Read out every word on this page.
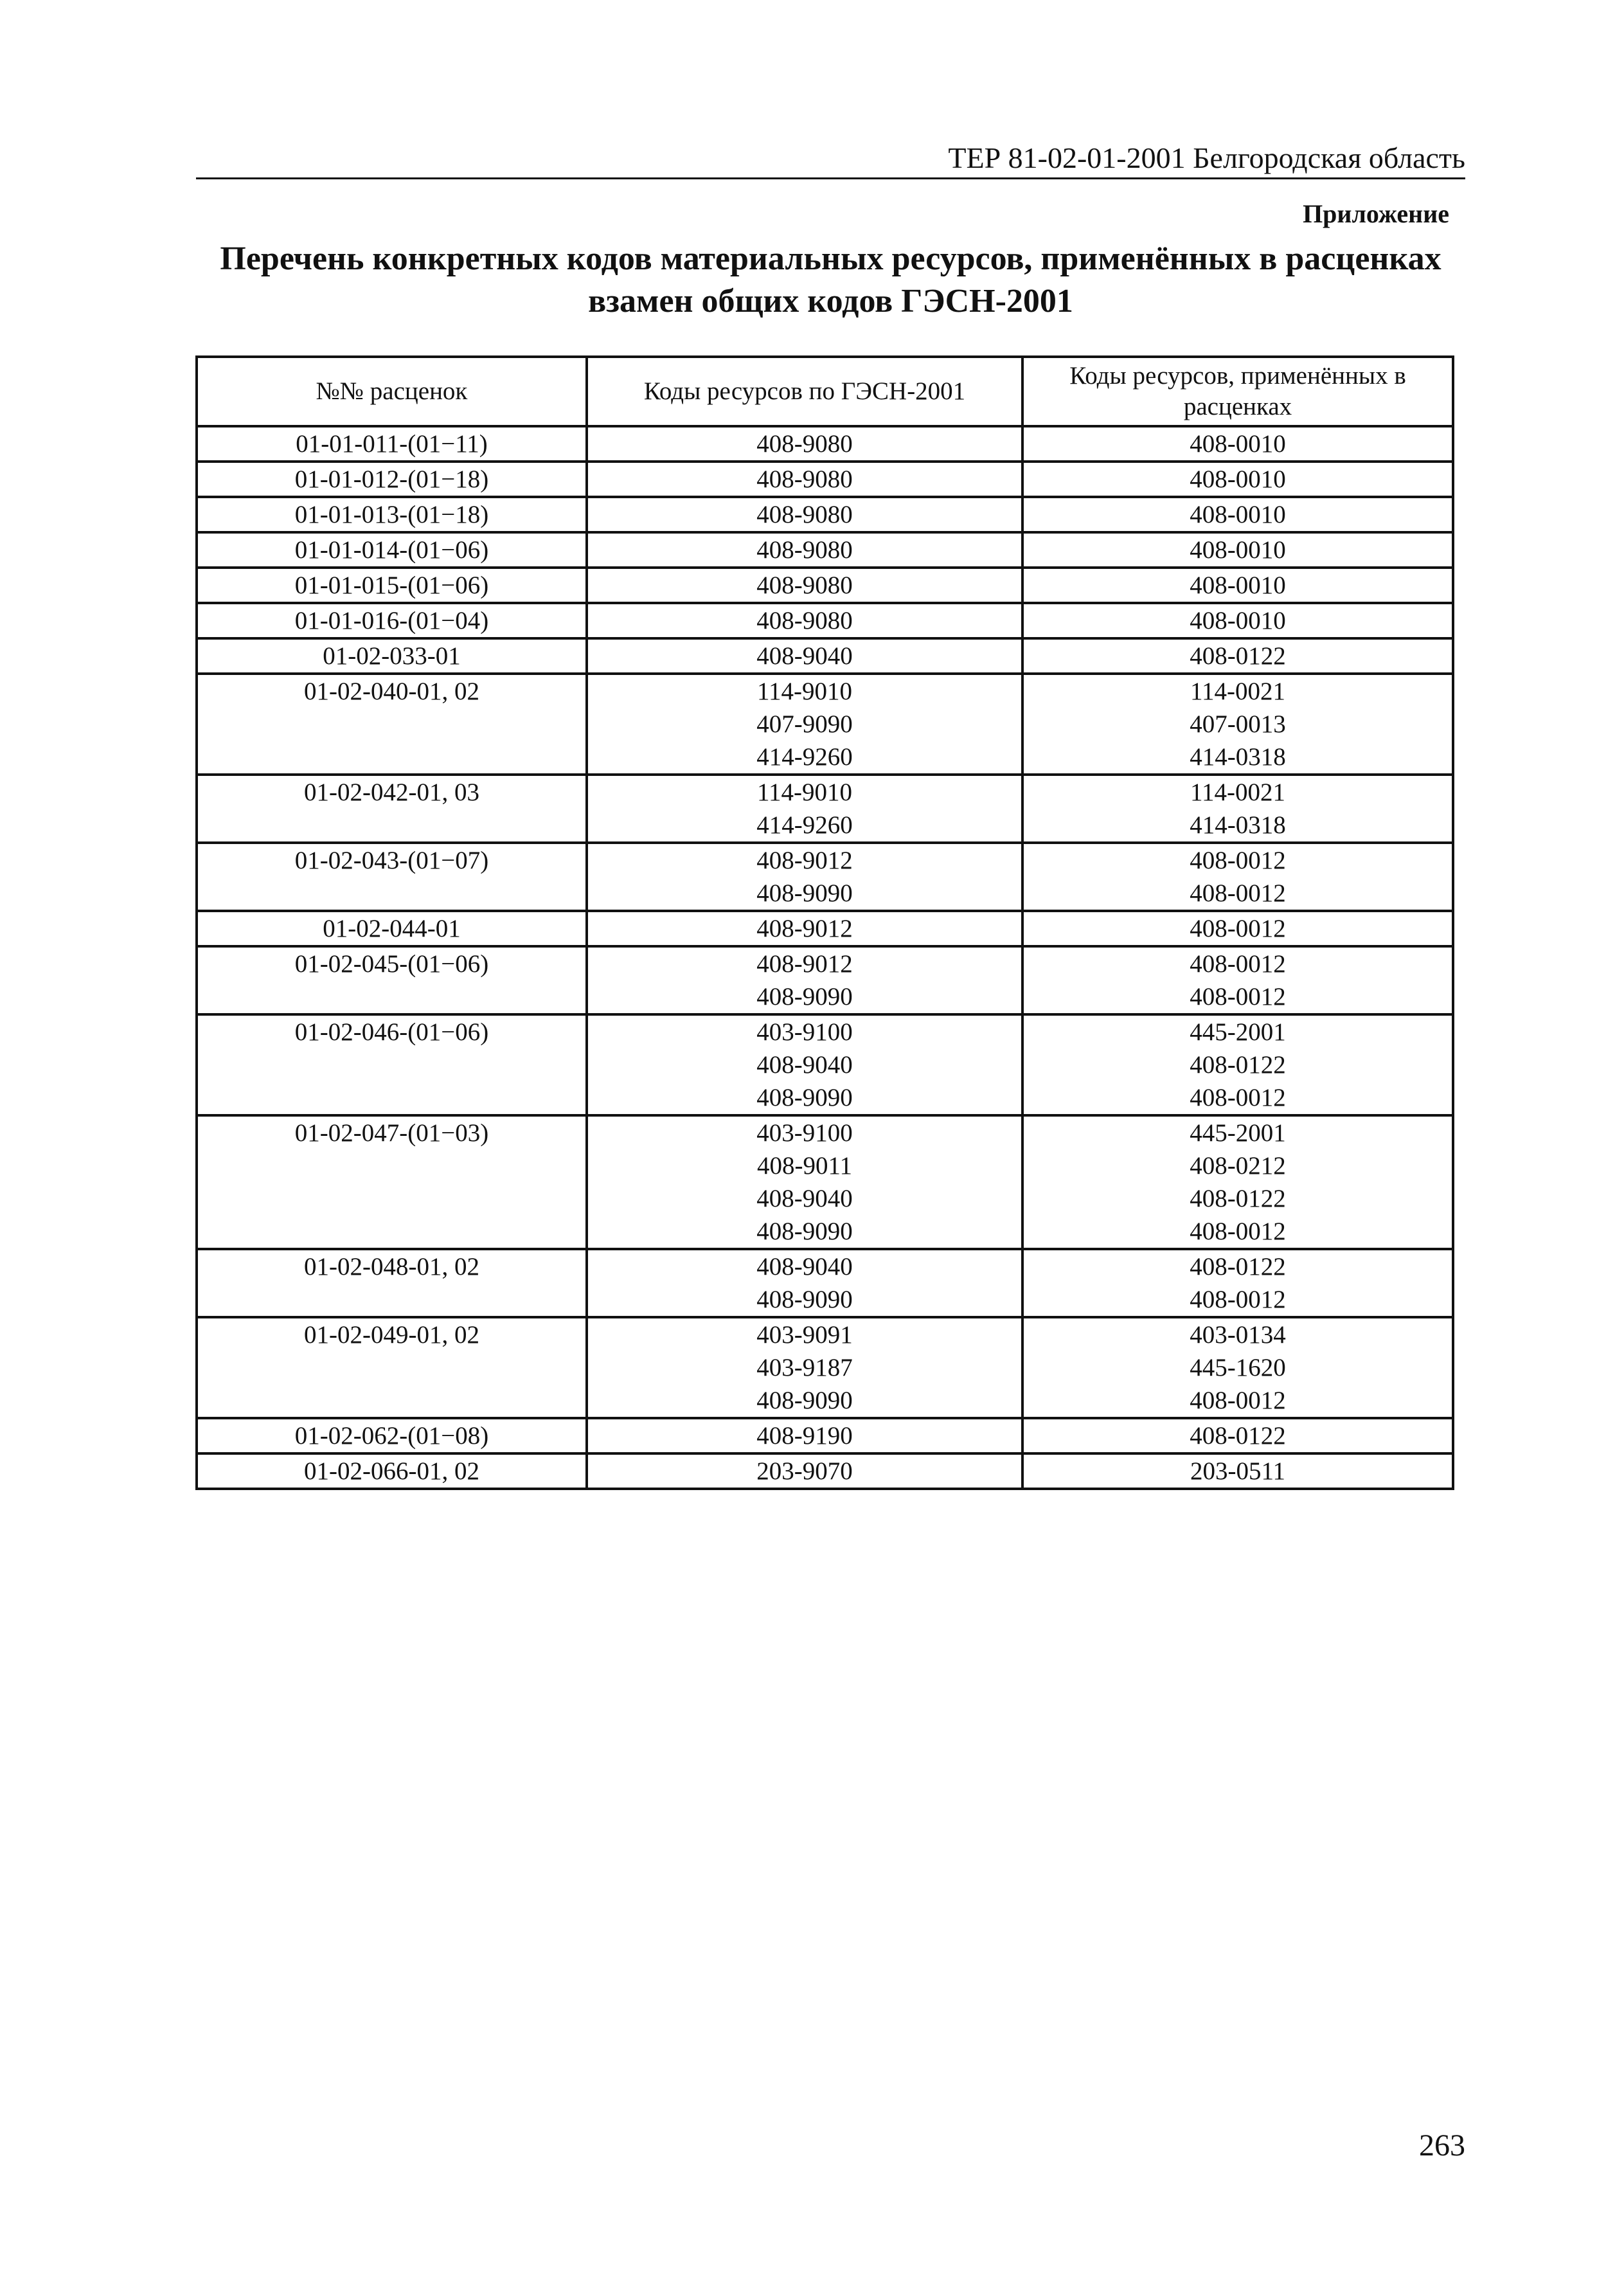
ТЕР 81-02-01-2001 Белгородская область
Приложение
Перечень конкретных кодов материальных ресурсов, применённых в расценках
взамен общих кодов ГЭСН-2001
№№ расценок	Коды ресурсов по ГЭСН-2001	Коды ресурсов, применённых в расценках
01-01-011-(01−11)	408-9080	408-0010
01-01-012-(01−18)	408-9080	408-0010
01-01-013-(01−18)	408-9080	408-0010
01-01-014-(01−06)	408-9080	408-0010
01-01-015-(01−06)	408-9080	408-0010
01-01-016-(01−04)	408-9080	408-0010
01-02-033-01	408-9040	408-0122
01-02-040-01, 02	114-9010	114-0021
	407-9090	407-0013
	414-9260	414-0318
01-02-042-01, 03	114-9010	114-0021
	414-9260	414-0318
01-02-043-(01−07)	408-9012	408-0012
	408-9090	408-0012
01-02-044-01	408-9012	408-0012
01-02-045-(01−06)	408-9012	408-0012
	408-9090	408-0012
01-02-046-(01−06)	403-9100	445-2001
	408-9040	408-0122
	408-9090	408-0012
01-02-047-(01−03)	403-9100	445-2001
	408-9011	408-0212
	408-9040	408-0122
	408-9090	408-0012
01-02-048-01, 02	408-9040	408-0122
	408-9090	408-0012
01-02-049-01, 02	403-9091	403-0134
	403-9187	445-1620
	408-9090	408-0012
01-02-062-(01−08)	408-9190	408-0122
01-02-066-01, 02	203-9070	203-0511
263
